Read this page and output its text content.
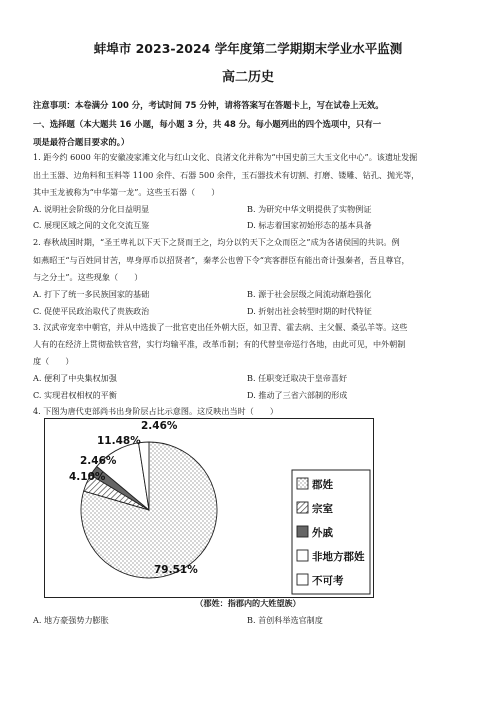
蚌埠市 2023-2024 学年度第二学期期末学业水平监测
高二历史
注意事项：本卷满分 100 分，考试时间 75 分钟，请将答案写在答题卡上，写在试卷上无效。
一、选择题（本大题共 16 小题，每小题 3 分，共 48 分。每小题列出的四个选项中，只有一
项是最符合题目要求的。）
1. 距今约 6000 年的安徽凌家滩文化与红山文化、良渚文化并称为“中国史前三大玉文化中心”。该遗址发掘
出土玉器、边角料和玉料等 1100 余件、石器 500 余件，玉石器技术有切割、打磨、镂雕、钻孔、抛光等，
其中玉龙被称为“中华第一龙”。这些玉石器（　　）
A. 说明社会阶级的分化日益明显	B. 为研究中华文明提供了实物例证
C. 展现区域之间的文化交流互鉴	D. 标志着国家初始形态的基本具备
2. 春秋战国时期，“圣王卑礼以下天下之贤而王之，均分以钓天下之众而臣之”成为各诸侯国的共识。例
如燕昭王“与百姓同甘苦，卑身厚币以招贤者”，秦孝公也曾下令“宾客群臣有能出奇计强秦者，吾且尊官，
与之分土”。这些现象（　　）
A. 打下了统一多民族国家的基础	B. 源于社会层级之间流动渐趋强化
C. 促使平民政治取代了贵族政治	D. 折射出社会转型时期的时代特征
3. 汉武帝宠幸中朝官，并从中选拔了一批官吏出任外朝大臣，如卫青、霍去病、主父偃、桑弘羊等。这些
人有的在经济上贯彻盐铁官营，实行均输平准，改革币制；有的代替皇帝巡行各地，由此可见，中外朝制
度（　　）
A. 便利了中央集权加强	B. 任职变迁取决于皇帝喜好
C. 实现君权相权的平衡	D. 推动了三省六部制的形成
4. 下图为唐代吏部尚书出身阶层占比示意图。这反映出当时（　　）
79.51%
4.10%
2.46%
11.48%
2.46%
郡姓
宗室
外戚
非地方郡姓
不可考
（郡姓：指郡内的大姓望族）
A. 地方豪强势力膨胀	B. 首创科举选官制度
